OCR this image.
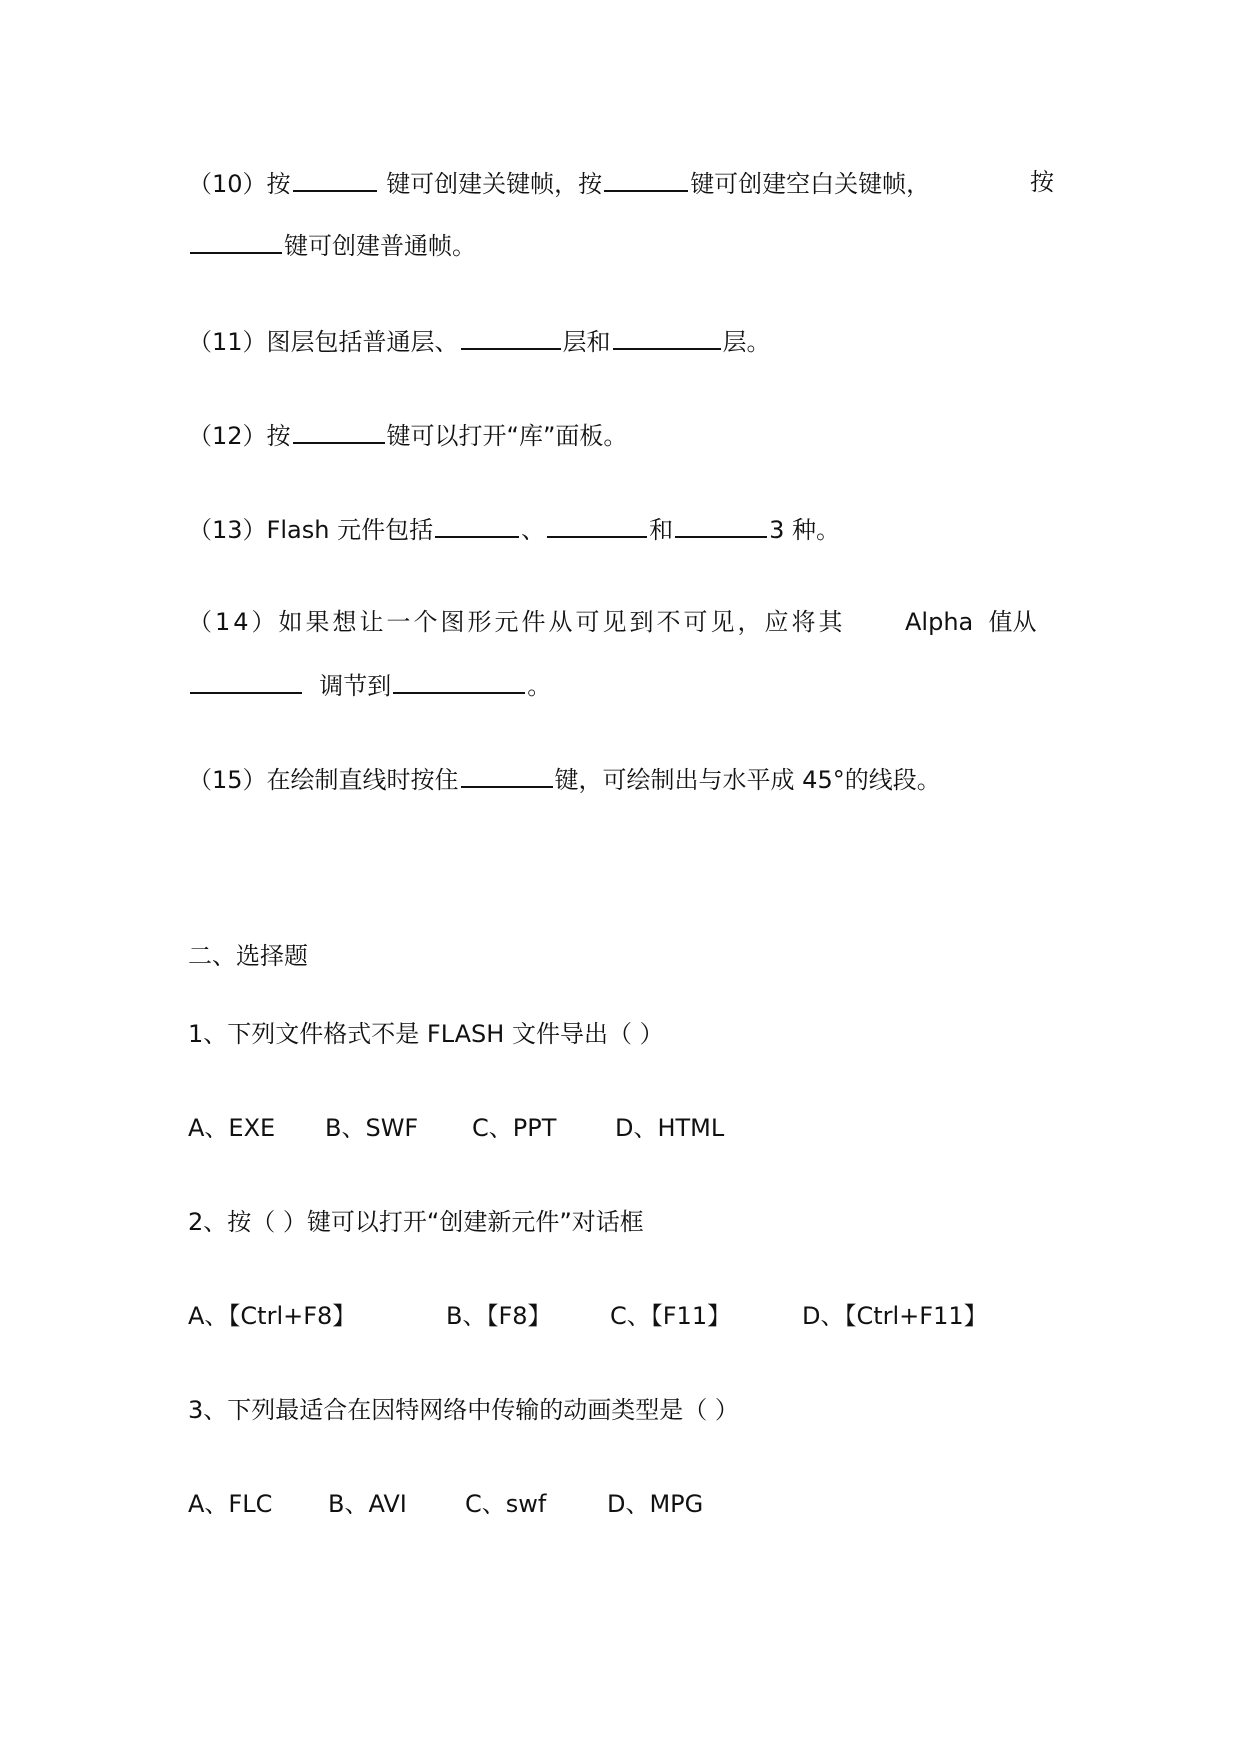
（10）按	键可创建关键帧，按	键可创建空白关键帧，	按
键可创建普通帧。
（11）图层包括普通层、	层和	层。
（12）按	键可以打开“库”面板。
（13）Flash 元件包括	、	和	3 种。
（14）如果想让一个图形元件从可见到不可见，应将其 Alpha 值从
调节到	。
（15）在绘制直线时按住	键，可绘制出与水平成 45°的线段。
二、选择题
1、下列文件格式不是 FLASH 文件导出（ ）
A、EXE B、SWF C、PPT D、HTML
2、按（ ）键可以打开“创建新元件”对话框
A、【Ctrl+F8】	B、【F8】 C、【F11】	D、【Ctrl+F11】
3、下列最适合在因特网络中传输的动画类型是（ ）
A、FLC B、AVI C、swf	D、MPG
